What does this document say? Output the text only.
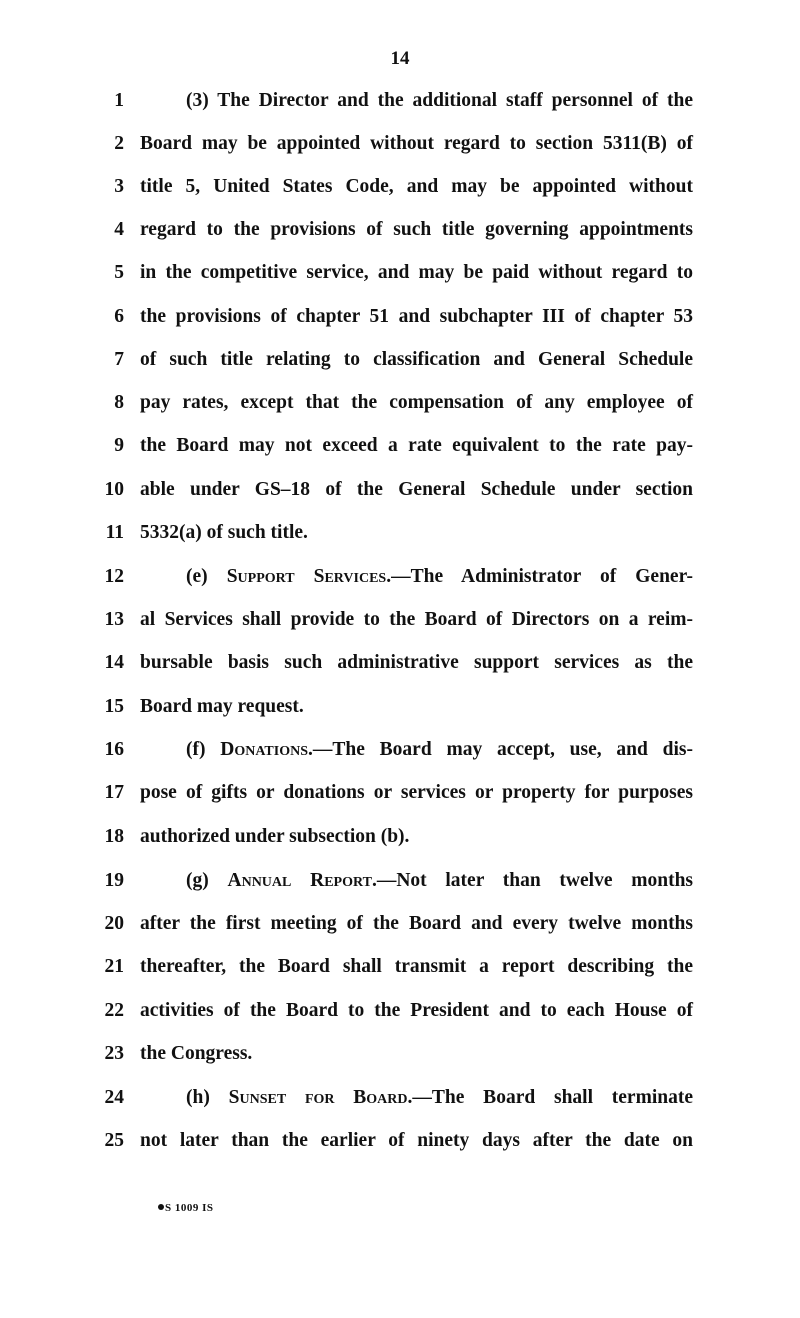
14
1	(3) The Director and the additional staff personnel of the
2 Board may be appointed without regard to section 5311(B) of
3 title 5, United States Code, and may be appointed without
4 regard to the provisions of such title governing appointments
5 in the competitive service, and may be paid without regard to
6 the provisions of chapter 51 and subchapter III of chapter 53
7 of such title relating to classification and General Schedule
8 pay rates, except that the compensation of any employee of
9 the Board may not exceed a rate equivalent to the rate pay-
10 able under GS–18 of the General Schedule under section
11 5332(a) of such title.
12	(e) Support Services.—The Administrator of Gener-
13 al Services shall provide to the Board of Directors on a reim-
14 bursable basis such administrative support services as the
15 Board may request.
16	(f) Donations.—The Board may accept, use, and dis-
17 pose of gifts or donations or services or property for purposes
18 authorized under subsection (b).
19	(g) Annual Report.—Not later than twelve months
20 after the first meeting of the Board and every twelve months
21 thereafter, the Board shall transmit a report describing the
22 activities of the Board to the President and to each House of
23 the Congress.
24	(h) Sunset for Board.—The Board shall terminate
25 not later than the earlier of ninety days after the date on
S 1009 IS
